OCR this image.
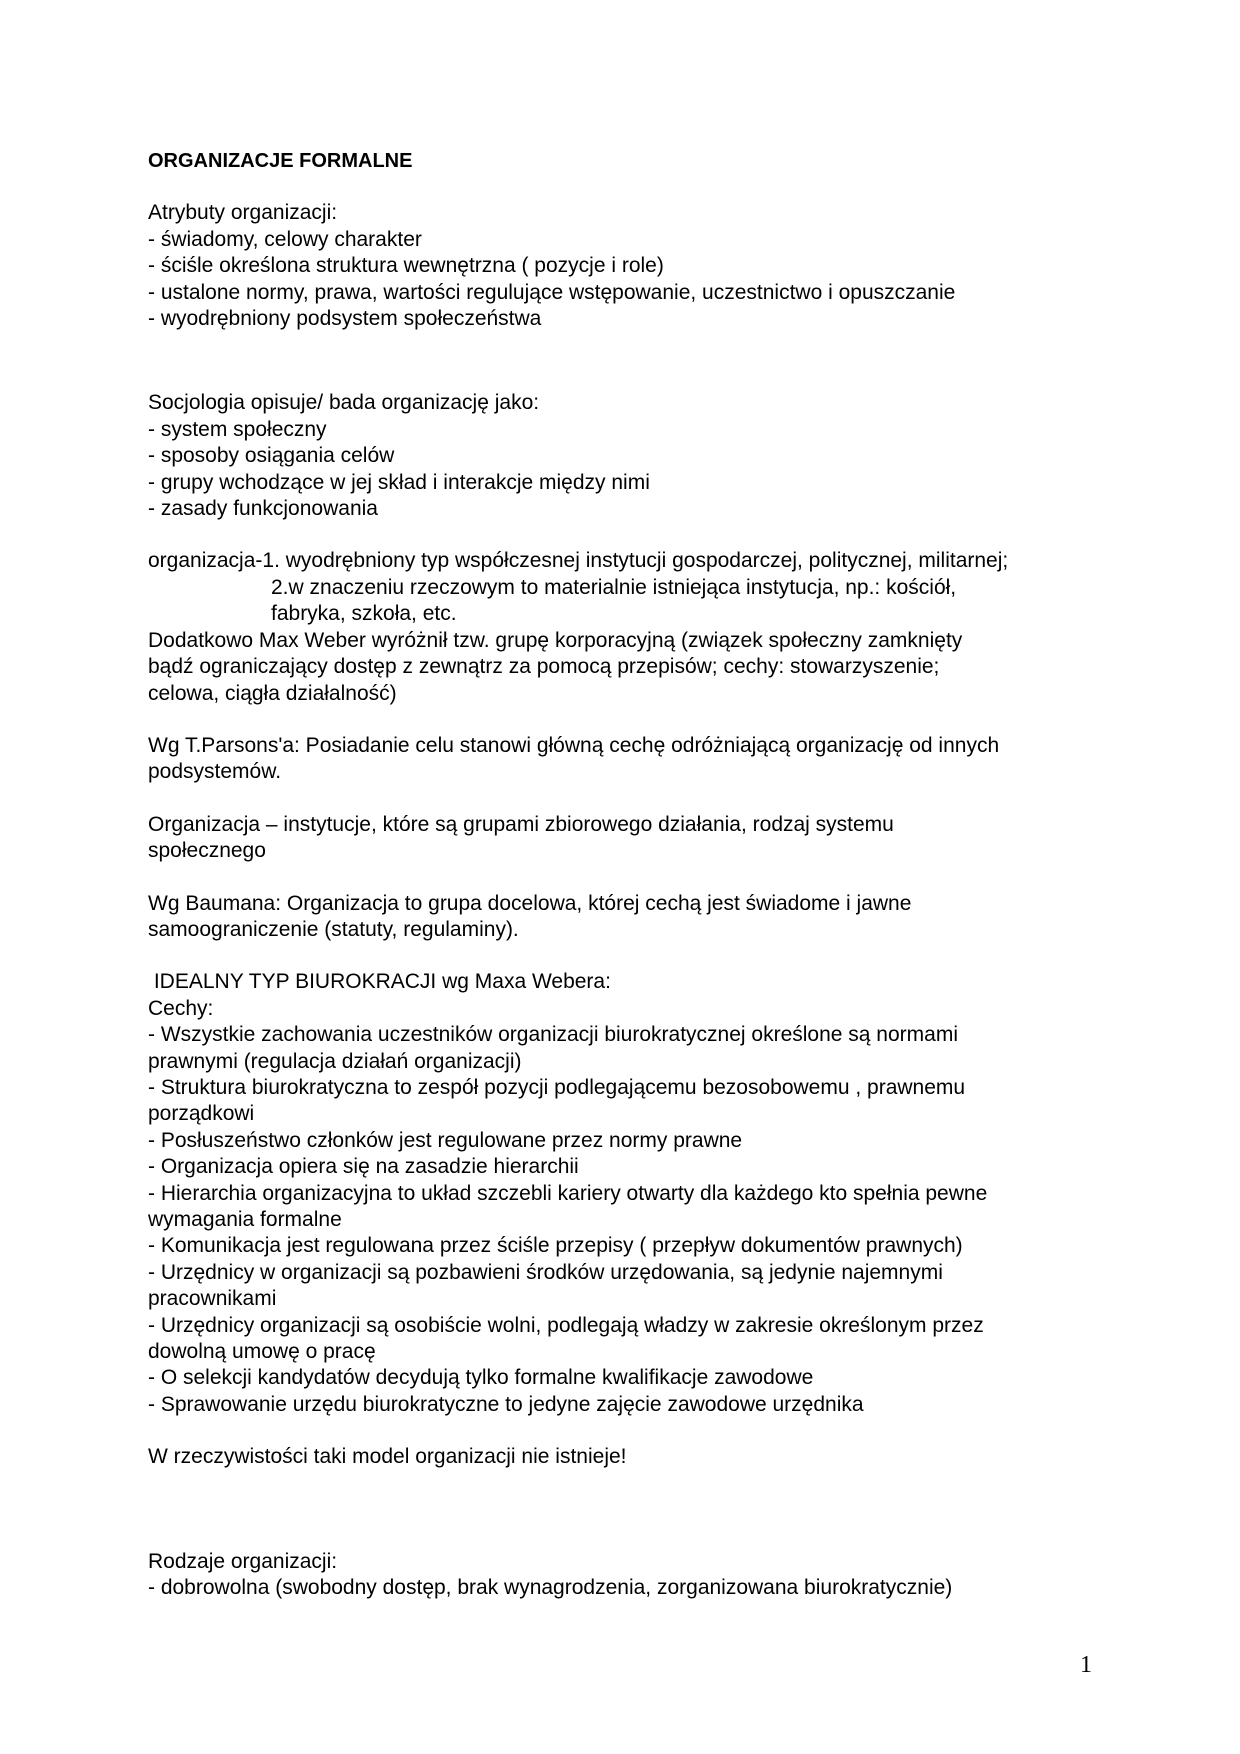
ORGANIZACJE FORMALNE

Atrybuty organizacji:
- świadomy, celowy charakter
- ściśle określona struktura wewnętrzna ( pozycje i role)
- ustalone normy, prawa, wartości regulujące wstępowanie, uczestnictwo i opuszczanie
- wyodrębniony podsystem społeczeństwa
Socjologia opisuje/ bada organizację jako:
- system społeczny
- sposoby osiągania celów
- grupy wchodzące w jej skład i interakcje między nimi
- zasady funkcjonowania
organizacja-1. wyodrębniony typ współczesnej instytucji gospodarczej, politycznej, militarnej;
2.w znaczeniu rzeczowym to materialnie istniejąca instytucja, np.: kościół,
fabryka, szkoła, etc.
Dodatkowo Max Weber wyróżnił tzw. grupę korporacyjną (związek społeczny zamknięty
bądź ograniczający dostęp z zewnątrz za pomocą przepisów; cechy: stowarzyszenie;
celowa, ciągła działalność)
Wg T.Parsons'a: Posiadanie celu stanowi główną cechę odróżniającą organizację od innych
podsystemów.
Organizacja – instytucje, które są grupami zbiorowego działania, rodzaj systemu
społecznego
Wg Baumana: Organizacja to grupa docelowa, której cechą jest świadome i jawne
samoograniczenie (statuty, regulaminy).
IDEALNY TYP BIUROKRACJI wg Maxa Webera:
Cechy:
- Wszystkie zachowania uczestników organizacji biurokratycznej określone są normami
prawnymi (regulacja działań organizacji)
- Struktura biurokratyczna to zespół pozycji podlegającemu bezosobowemu , prawnemu
porządkowi
- Posłuszeństwo członków jest regulowane przez normy prawne
- Organizacja opiera się na zasadzie hierarchii
- Hierarchia organizacyjna to układ szczebli kariery otwarty dla każdego kto spełnia pewne
wymagania formalne
- Komunikacja jest regulowana przez ściśle przepisy ( przepływ dokumentów prawnych)
- Urzędnicy w organizacji są pozbawieni środków urzędowania, są jedynie najemnymi
pracownikami
- Urzędnicy organizacji są osobiście wolni, podlegają władzy w zakresie określonym przez
dowolną umowę o pracę
- O selekcji kandydatów decydują tylko formalne kwalifikacje zawodowe
- Sprawowanie urzędu biurokratyczne to jedyne zajęcie zawodowe urzędnika

W rzeczywistości taki model organizacji nie istnieje!

Rodzaje organizacji:
- dobrowolna (swobodny dostęp, brak wynagrodzenia, zorganizowana biurokratycznie)
1
